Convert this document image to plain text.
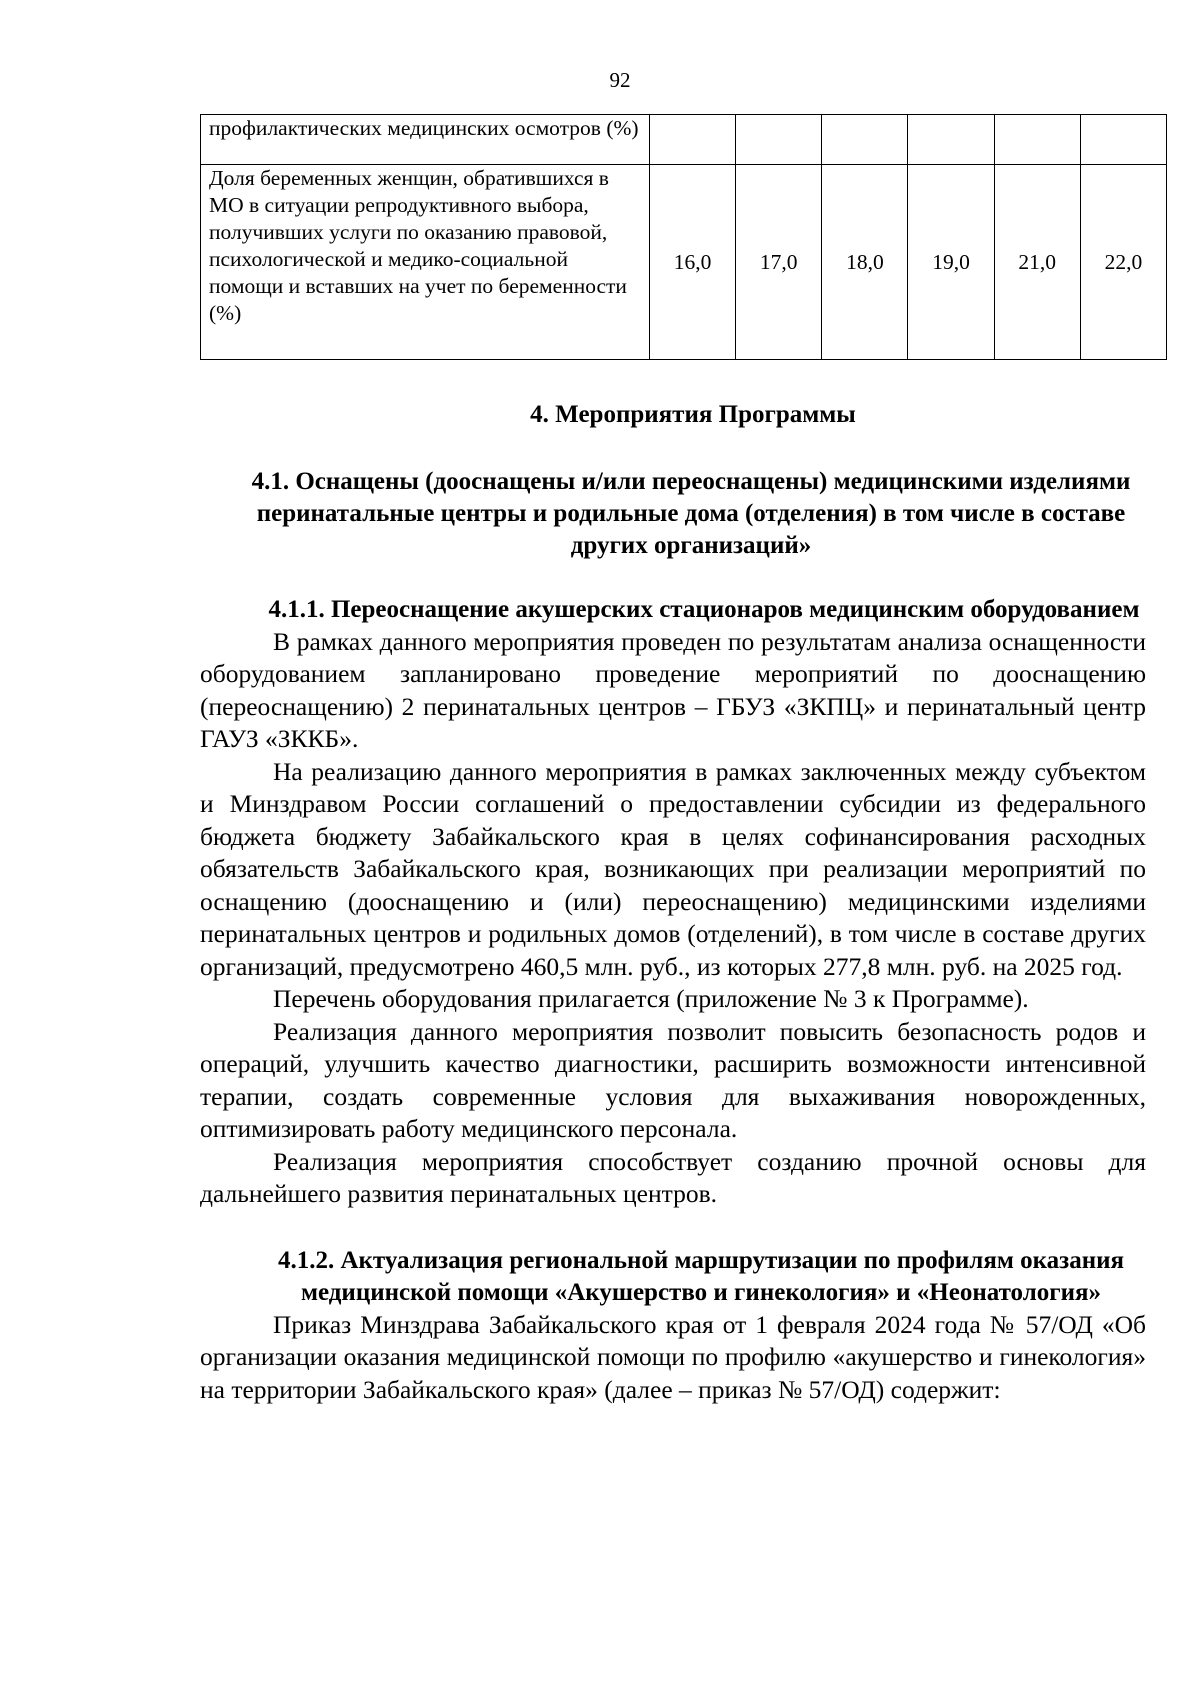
92
профилактических медицинских осмотров (%)						
Доля беременных женщин, обратившихся в МО в ситуации репродуктивного выбора, получивших услуги по оказанию правовой, психологической и медико-социальной помощи и вставших на учет по беременности (%)	16,0	17,0	18,0	19,0	21,0	22,0
4. Мероприятия Программы
4.1. Оснащены (дооснащены и/или переоснащены) медицинскими изделиями перинатальные центры и родильные дома (отделения) в том числе в составе других организаций»
4.1.1. Переоснащение акушерских стационаров медицинским оборудованием

В рамках данного мероприятия проведен по результатам анализа оснащенности оборудованием запланировано проведение мероприятий по дооснащению (переоснащению) 2 перинатальных центров – ГБУЗ «ЗКПЦ» и перинатальный центр ГАУЗ «ЗККБ».

На реализацию данного мероприятия в рамках заключенных между субъектом и Минздравом России соглашений о предоставлении субсидии из федерального бюджета бюджету Забайкальского края в целях софинансирования расходных обязательств Забайкальского края, возникающих при реализации мероприятий по оснащению (дооснащению и (или) переоснащению) медицинскими изделиями перинатальных центров и родильных домов (отделений), в том числе в составе других организаций, предусмотрено 460,5 млн. руб., из которых 277,8 млн. руб. на 2025 год.

Перечень оборудования прилагается (приложение № 3 к Программе).

Реализация данного мероприятия позволит повысить безопасность родов и операций, улучшить качество диагностики, расширить возможности интенсивной терапии, создать современные условия для выхаживания новорожденных, оптимизировать работу медицинского персонала.

Реализация мероприятия способствует созданию прочной основы для дальнейшего развития перинатальных центров.

4.1.2. Актуализация региональной маршрутизации по профилям оказания медицинской помощи «Акушерство и гинекология» и «Неонатология»

Приказ Минздрава Забайкальского края от 1 февраля 2024 года № 57/ОД «Об организации оказания медицинской помощи по профилю «акушерство и гинекология» на территории Забайкальского края» (далее – приказ № 57/ОД) содержит:
